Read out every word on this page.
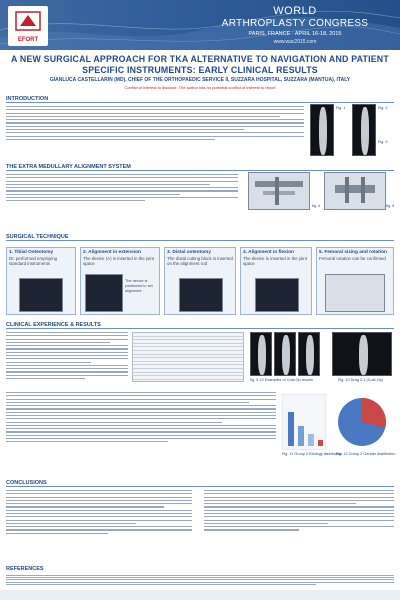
EFORT
WORLD
ARTHROPLASTY CONGRESS
PARIS, FRANCE · APRIL 16-18, 2015
www.wac2015.com
A NEW SURGICAL APPROACH FOR TKA ALTERNATIVE TO NAVIGATION AND PATIENT SPECIFIC INSTRUMENTS: EARLY CLINICAL RESULTS
GIANLUCA CASTELLARIN (MD), CHIEF OF THE ORTHOPAEDIC SERVICE II, SUZZARA HOSPITAL, SUZZARA (MANTUA), ITALY
Conflict of interest to disclose: The author has no potential conflict of interest to report
INTRODUCTION
Fig. 1	Fig. 2
Fig. 3
THE EXTRA MEDULLARY ALIGNMENT SYSTEM
fig. 4	fig. 5
SURGICAL TECHNIQUE
1. Tibial Osteotomy
Dr. performed employing standard instruments
2. Alignment in extension
The device (A) is inserted in the joint space
The device is positioned to set alignment
3. Distal osteotomy
The distal cutting block is inserted on the alignment rod
4. Alignment in flexion
The device is inserted in the joint space
5. Femoral sizing and rotation
Femoral rotation can be confirmed
CLINICAL EXPERIENCE & RESULTS
fig. 9-10 Examples of Cust.Op results	Fig. 10 Drag 2-1 (Cust.Op)
Fig. 11 Group 2 Etiology distribution
Fig. 12 Group 2 Gender distribution
CONCLUSIONS
REFERENCES
